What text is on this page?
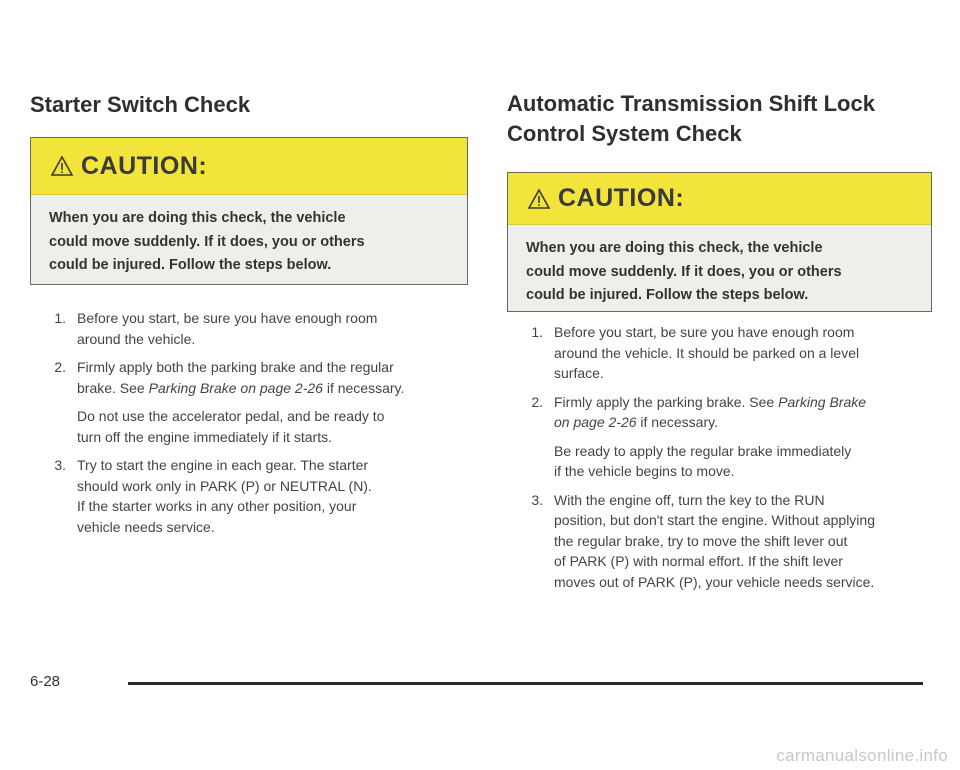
Starter Switch Check
CAUTION:
When you are doing this check, the vehicle
could move suddenly. If it does, you or others
could be injured. Follow the steps below.
1. Before you start, be sure you have enough room
around the vehicle.

2. Firmly apply both the parking brake and the regular
brake. See Parking Brake on page 2-26 if necessary.

Do not use the accelerator pedal, and be ready to
turn off the engine immediately if it starts.

3. Try to start the engine in each gear. The starter
should work only in PARK (P) or NEUTRAL (N).
If the starter works in any other position, your
vehicle needs service.

Automatic Transmission Shift Lock
Control System Check
CAUTION:
When you are doing this check, the vehicle
could move suddenly. If it does, you or others
could be injured. Follow the steps below.
1. Before you start, be sure you have enough room
around the vehicle. It should be parked on a level
surface.

2. Firmly apply the parking brake. See Parking Brake
on page 2-26 if necessary.

Be ready to apply the regular brake immediately
if the vehicle begins to move.

3. With the engine off, turn the key to the RUN
position, but don't start the engine. Without applying
the regular brake, try to move the shift lever out
of PARK (P) with normal effort. If the shift lever
moves out of PARK (P), your vehicle needs service.

6-28
carmanualsonline.info
